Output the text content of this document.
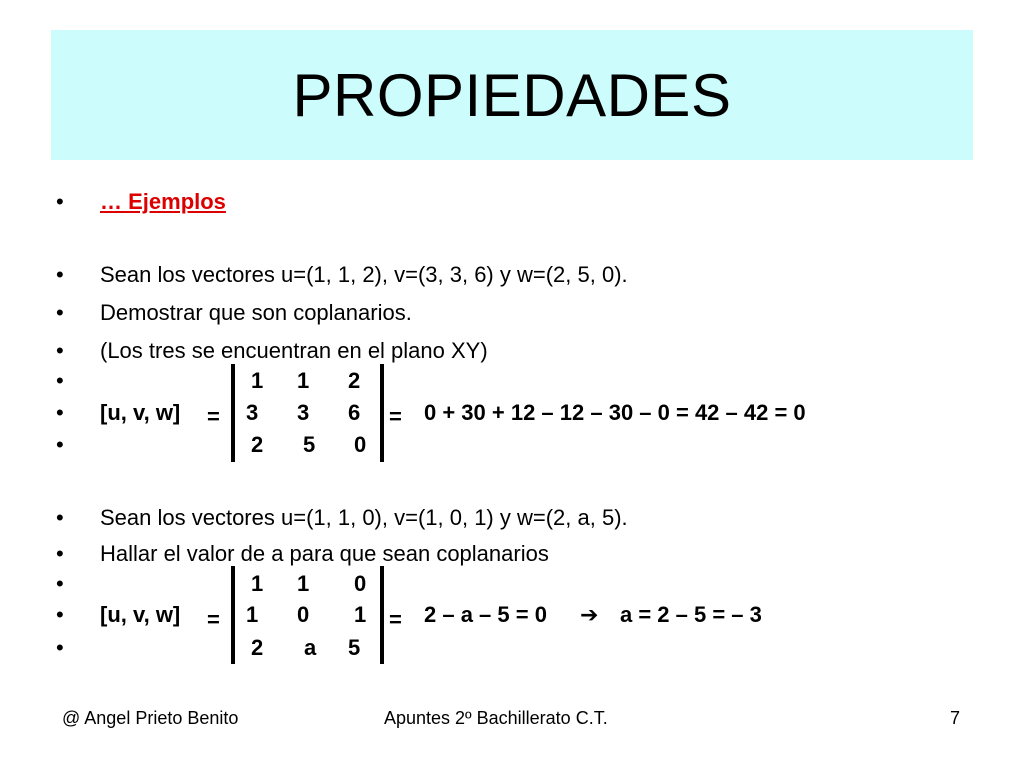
PROPIEDADES
• … Ejemplos
• Sean los vectores u=(1, 1, 2), v=(3, 3, 6) y w=(2, 5, 0).
• Demostrar que son coplanarios.
• (Los tres se encuentran en el plano XY)
•
•
•
[u, v, w] =
1 1 2
3 3 6
2 5 0
= 0 + 30 + 12 – 12 – 30 – 0 = 42 – 42 = 0
• Sean los vectores u=(1, 1, 0), v=(1, 0, 1) y w=(2, a, 5).
• Hallar el valor de a para que sean coplanarios
•
•
•
[u, v, w] =
1 1 0
1 0 1
2 a 5
= 2 – a – 5 = 0 ➔ a = 2 – 5 = – 3
@ Angel Prieto Benito	Apuntes 2º Bachillerato C.T.	7
